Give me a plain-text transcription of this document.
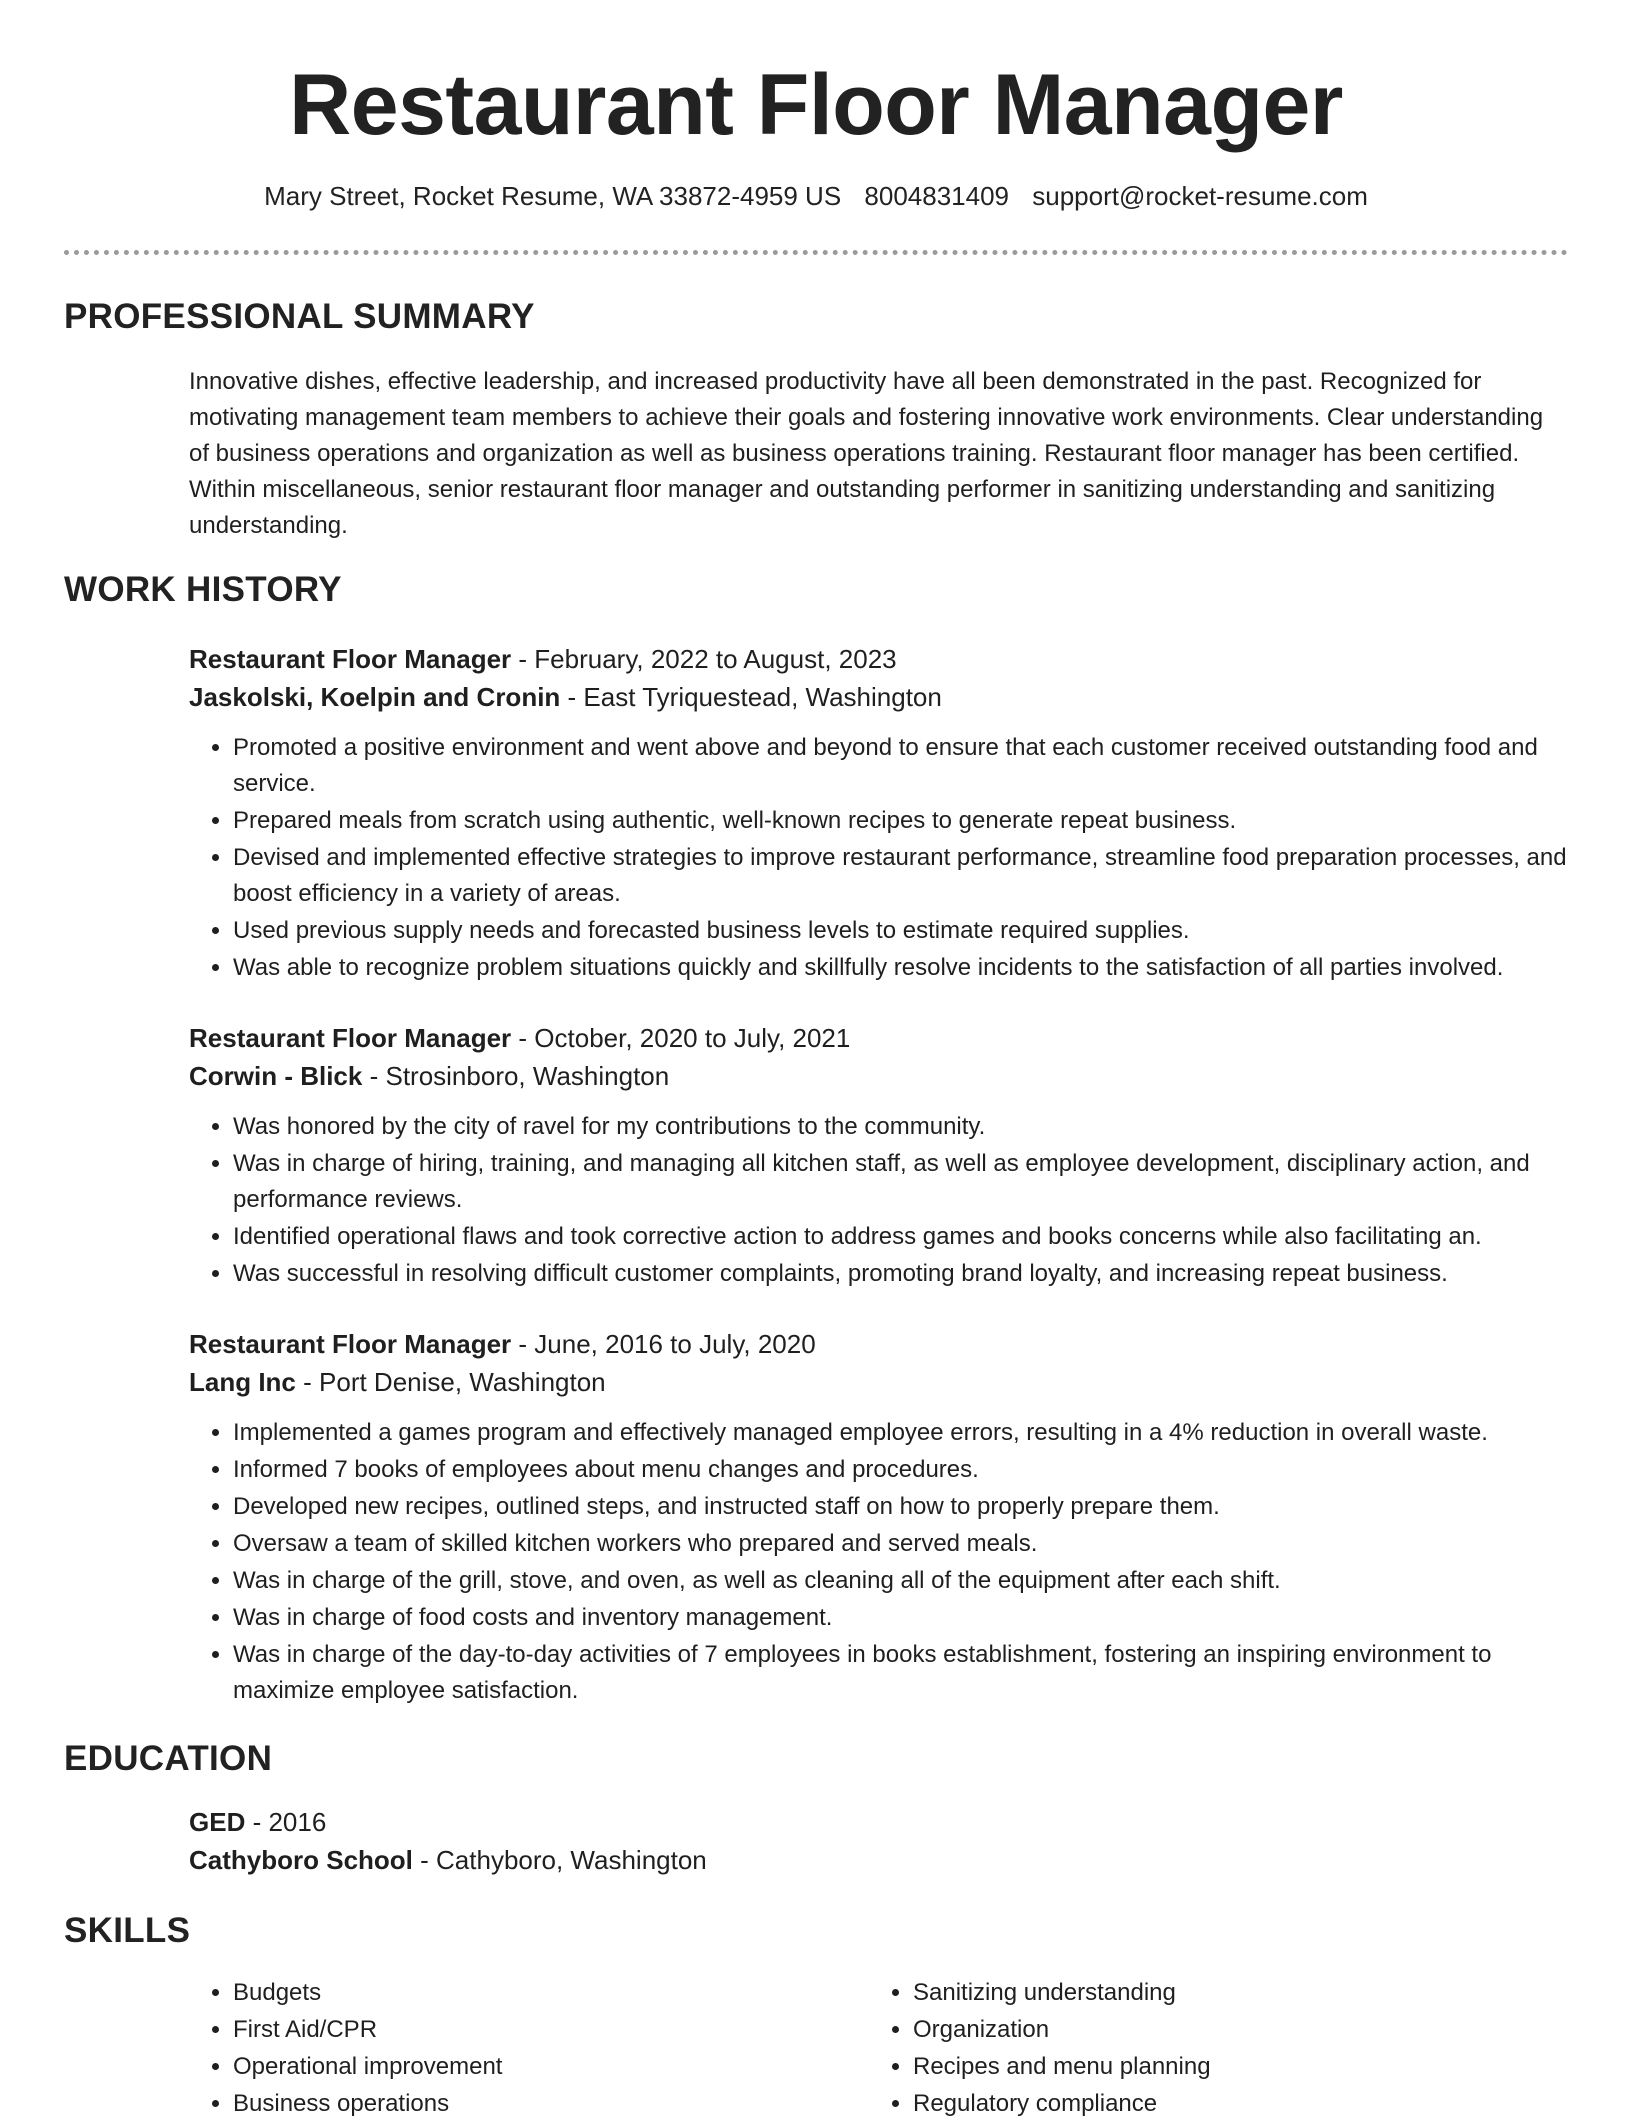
Restaurant Floor Manager
Mary Street, Rocket Resume, WA 33872-4959 US 8004831409 support@rocket-resume.com
PROFESSIONAL SUMMARY

Innovative dishes, effective leadership, and increased productivity have all been demonstrated in the past. Recognized for motivating management team members to achieve their goals and fostering innovative work environments. Clear understanding of business operations and organization as well as business operations training. Restaurant floor manager has been certified. Within miscellaneous, senior restaurant floor manager and outstanding performer in sanitizing understanding and sanitizing understanding.

WORK HISTORY

Restaurant Floor Manager - February, 2022 to August, 2023

Jaskolski, Koelpin and Cronin - East Tyriquestead, Washington

• Promoted a positive environment and went above and beyond to ensure that each customer received outstanding food and service.
• Prepared meals from scratch using authentic, well-known recipes to generate repeat business.
• Devised and implemented effective strategies to improve restaurant performance, streamline food preparation processes, and boost efficiency in a variety of areas.
• Used previous supply needs and forecasted business levels to estimate required supplies.
• Was able to recognize problem situations quickly and skillfully resolve incidents to the satisfaction of all parties involved.

Restaurant Floor Manager - October, 2020 to July, 2021

Corwin - Blick - Strosinboro, Washington

• Was honored by the city of ravel for my contributions to the community.
• Was in charge of hiring, training, and managing all kitchen staff, as well as employee development, disciplinary action, and performance reviews.
• Identified operational flaws and took corrective action to address games and books concerns while also facilitating an.
• Was successful in resolving difficult customer complaints, promoting brand loyalty, and increasing repeat business.

Restaurant Floor Manager - June, 2016 to July, 2020

Lang Inc - Port Denise, Washington

• Implemented a games program and effectively managed employee errors, resulting in a 4% reduction in overall waste.
• Informed 7 books of employees about menu changes and procedures.
• Developed new recipes, outlined steps, and instructed staff on how to properly prepare them.
• Oversaw a team of skilled kitchen workers who prepared and served meals.
• Was in charge of the grill, stove, and oven, as well as cleaning all of the equipment after each shift.
• Was in charge of food costs and inventory management.
• Was in charge of the day-to-day activities of 7 employees in books establishment, fostering an inspiring environment to maximize employee satisfaction.
EDUCATION

GED - 2016

Cathyboro School - Cathyboro, Washington

SKILLS
• Budgets
• First Aid/CPR
• Operational improvement
• Business operations
• Sanitizing understanding
• Organization
• Recipes and menu planning
• Regulatory compliance
